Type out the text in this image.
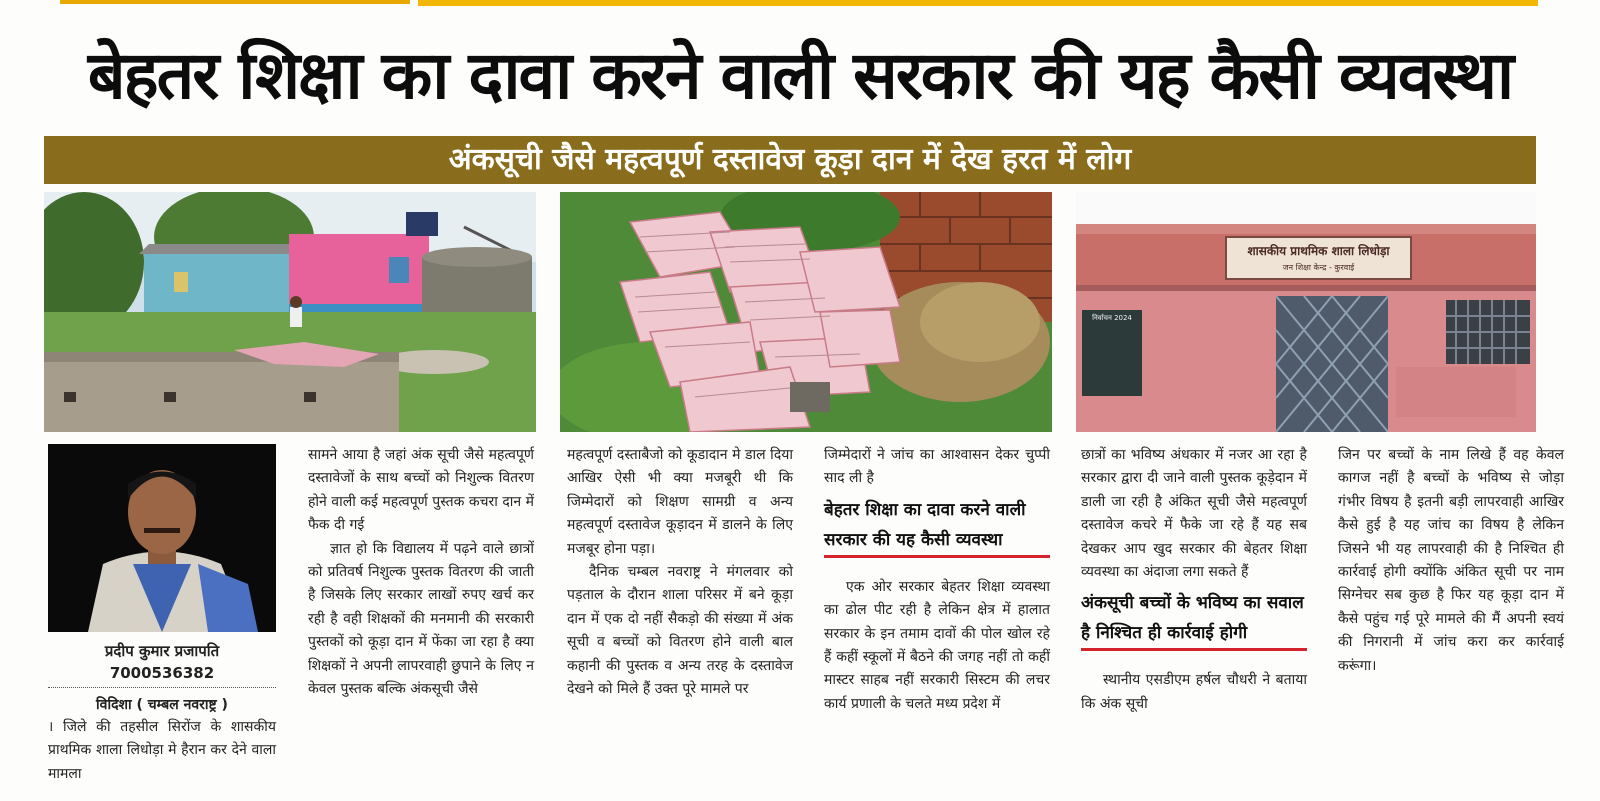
बेहतर शिक्षा का दावा करने वाली सरकार की यह कैसी व्यवस्था
अंकसूची जैसे महत्वपूर्ण दस्तावेज कूड़ा दान में देख हरत में लोग
शासकीय प्राथमिक शाला लिधोड़ा
जन शिक्षा केन्द्र - कुरवाई
निर्वाचन 2024
प्रदीप कुमार प्रजापति
7000536382
विदिशा ( चम्बल नवराष्ट्र )

। जिले की तहसील सिरोंज के शासकीय प्राथमिक शाला लिधोड़ा मे हैरान कर देने वाला मामला

सामने आया है जहां अंक सूची जैसे महत्वपूर्ण दस्तावेजों के साथ बच्चों को निशुल्क वितरण होने वाली कई महत्वपूर्ण पुस्तक कचरा दान में फैक दी गई

ज्ञात हो कि विद्यालय में पढ़ने वाले छात्रों को प्रतिवर्ष निशुल्क पुस्तक वितरण की जाती है जिसके लिए सरकार लाखों रुपए खर्च कर रही है वही शिक्षकों की मनमानी की सरकारी पुस्तकों को कूड़ा दान में फेंका जा रहा है क्या शिक्षकों ने अपनी लापरवाही छुपाने के लिए न केवल पुस्तक बल्कि अंकसूची जैसे

महत्वपूर्ण दस्ताबैजो को कूडादान मे डाल दिया आखिर ऐसी भी क्या मजबूरी थी कि जिम्मेदारों को शिक्षण सामग्री व अन्य महत्वपूर्ण दस्तावेज कूड़ादन में डालने के लिए मजबूर होना पड़ा।

दैनिक चम्बल नवराष्ट्र ने मंगलवार को पड़ताल के दौरान शाला परिसर में बने कूड़ा दान में एक दो नहीं सैकड़ो की संख्या में अंक सूची व बच्चों को वितरण होने वाली बाल कहानी की पुस्तक व अन्य तरह के दस्तावेज देखने को मिले हैं उक्त पूरे मामले पर

जिम्मेदारों ने जांच का आश्वासन देकर चुप्पी साद ली है

बेहतर शिक्षा का दावा करने वाली सरकार की यह कैसी व्यवस्था

एक ओर सरकार बेहतर शिक्षा व्यवस्था का ढोल पीट रही है लेकिन क्षेत्र में हालात सरकार के इन तमाम दावों की पोल खोल रहे हैं कहीं स्कूलों में बैठने की जगह नहीं तो कहीं मास्टर साहब नहीं सरकारी सिस्टम की लचर कार्य प्रणाली के चलते मध्य प्रदेश में

छात्रों का भविष्य अंधकार में नजर आ रहा है सरकार द्वारा दी जाने वाली पुस्तक कूड़ेदान में डाली जा रही है अंकित सूची जैसे महत्वपूर्ण दस्तावेज कचरे में फैके जा रहे हैं यह सब देखकर आप खुद सरकार की बेहतर शिक्षा व्यवस्था का अंदाजा लगा सकते हैं

अंकसूची बच्चों के भविष्य का सवाल है निश्चित ही कार्रवाई होगी

स्थानीय एसडीएम हर्षल चौधरी ने बताया कि अंक सूची

जिन पर बच्चों के नाम लिखे हैं वह केवल कागज नहीं है बच्चों के भविष्य से जोड़ा गंभीर विषय है इतनी बड़ी लापरवाही आखिर कैसे हुई है यह जांच का विषय है लेकिन जिसने भी यह लापरवाही की है निश्चित ही कार्रवाई होगी क्योंकि अंकित सूची पर नाम सिग्नेचर सब कुछ है फिर यह कूड़ा दान में कैसे पहुंच गई पूरे मामले की मैं अपनी स्वयं की निगरानी में जांच करा कर कार्रवाई करूंगा।
